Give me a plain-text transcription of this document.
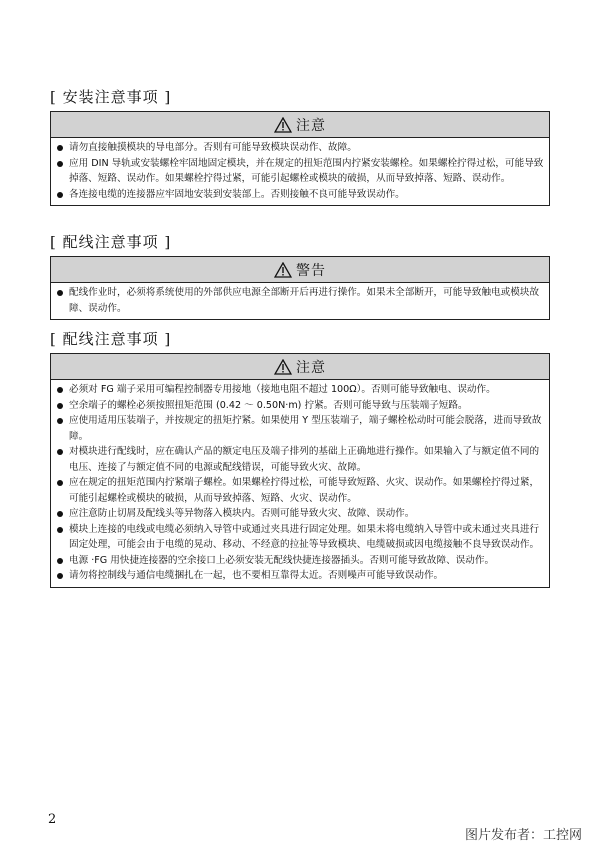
[ 安装注意事项 ]
注意
请勿直接触摸模块的导电部分。否则有可能导致模块误动作、故障。
应用 DIN 导轨或安装螺栓牢固地固定模块，并在规定的扭矩范围内拧紧安装螺栓。如果螺栓拧得过松，可能导致掉落、短路、误动作。如果螺栓拧得过紧，可能引起螺栓或模块的破损，从而导致掉落、短路、误动作。
各连接电缆的连接器应牢固地安装到安装部上。否则接触不良可能导致误动作。
[ 配线注意事项 ]
警告
配线作业时，必须将系统使用的外部供应电源全部断开后再进行操作。如果未全部断开，可能导致触电或模块故障、误动作。
[ 配线注意事项 ]
注意
必须对 FG 端子采用可编程控制器专用接地（接地电阻不超过 100Ω）。否则可能导致触电、误动作。
空余端子的螺栓必须按照扭矩范围 (0.42 ～ 0.50N·m) 拧紧。否则可能导致与压装端子短路。
应使用适用压装端子，并按规定的扭矩拧紧。如果使用 Y 型压装端子，端子螺栓松动时可能会脱落，进而导致故障。
对模块进行配线时，应在确认产品的额定电压及端子排列的基础上正确地进行操作。如果输入了与额定值不同的电压、连接了与额定值不同的电源或配线错误，可能导致火灾、故障。
应在规定的扭矩范围内拧紧端子螺栓。如果螺栓拧得过松，可能导致短路、火灾、误动作。如果螺栓拧得过紧，可能引起螺栓或模块的破损，从而导致掉落、短路、火灾、误动作。
应注意防止切屑及配线头等异物落入模块内。否则可能导致火灾、故障、误动作。
模块上连接的电线或电缆必须纳入导管中或通过夹具进行固定处理。如果未将电缆纳入导管中或未通过夹具进行固定处理，可能会由于电缆的晃动、移动、不经意的拉扯等导致模块、电缆破损或因电缆接触不良导致误动作。
电源 ·FG 用快捷连接器的空余接口上必须安装无配线快捷连接器插头。否则可能导致故障、误动作。
请勿将控制线与通信电缆捆扎在一起，也不要相互靠得太近。否则噪声可能导致误动作。
2
图片发布者：工控网
